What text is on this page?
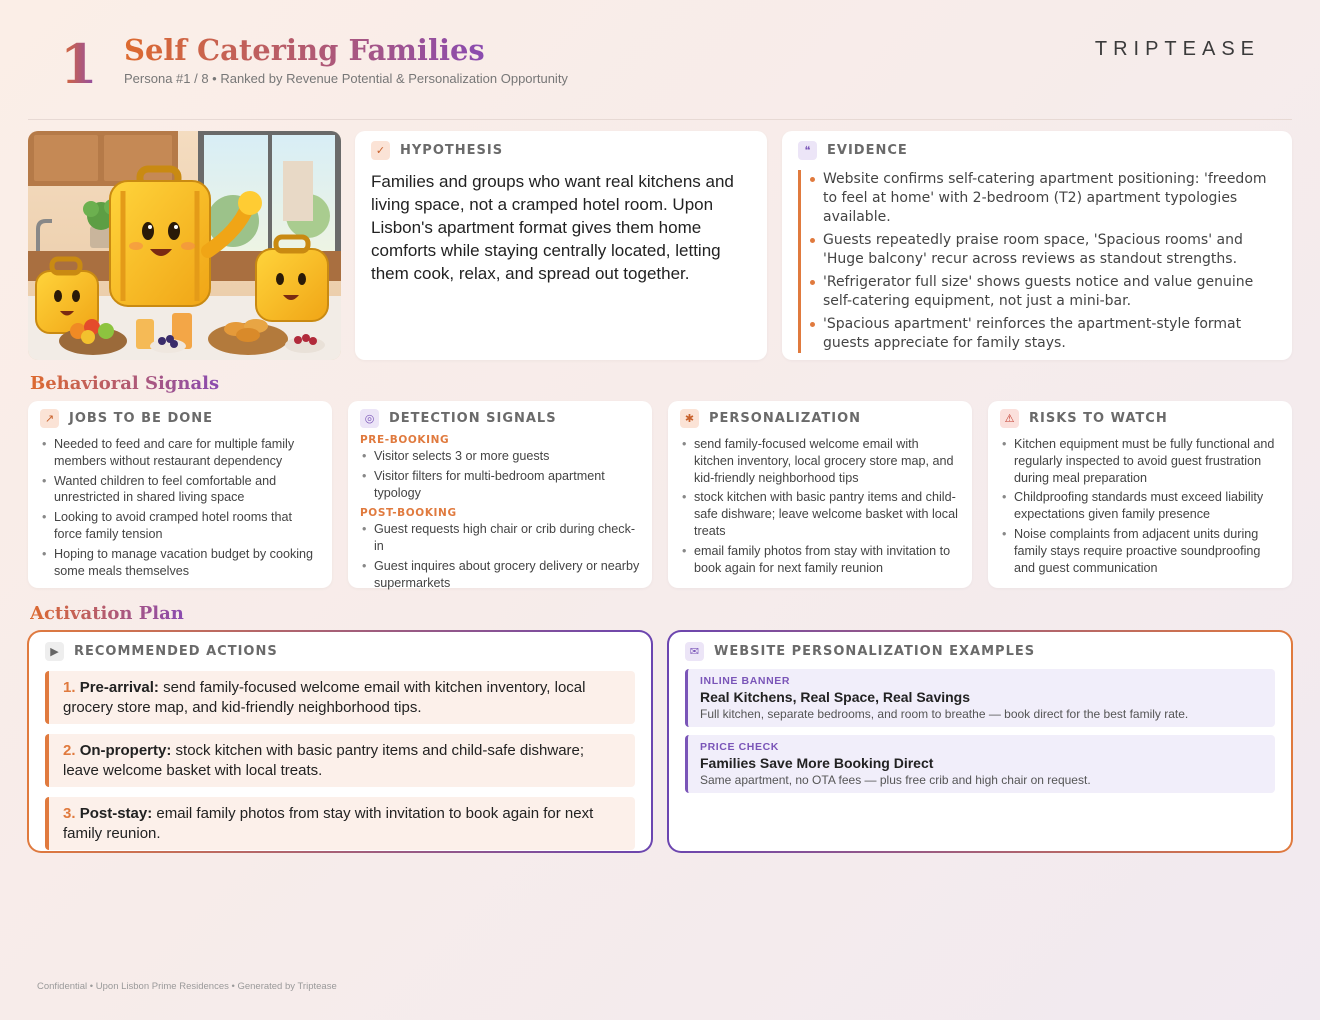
1 Self Catering Families
Persona #1 / 8 • Ranked by Revenue Potential & Personalization Opportunity
TRIPTEASE
✓	HYPOTHESIS
Families and groups who want real kitchens and living space, not a cramped hotel room. Upon Lisbon's apartment format gives them home comforts while staying centrally located, letting them cook, relax, and spread out together.
❝	EVIDENCE
Website confirms self-catering apartment positioning: 'freedom to feel at home' with 2-bedroom (T2) apartment typologies available.
Guests repeatedly praise room space, 'Spacious rooms' and 'Huge balcony' recur across reviews as standout strengths.
'Refrigerator full size' shows guests notice and value genuine self-catering equipment, not just a mini-bar.
'Spacious apartment' reinforces the apartment-style format guests appreciate for family stays.
Behavioral Signals
↗	JOBS TO BE DONE
• Needed to feed and care for multiple family members without restaurant dependency
• Wanted children to feel comfortable and unrestricted in shared living space
• Looking to avoid cramped hotel rooms that force family tension
• Hoping to manage vacation budget by cooking some meals themselves
◎	DETECTION SIGNALS
PRE-BOOKING
• Visitor selects 3 or more guests
• Visitor filters for multi-bedroom apartment typology
POST-BOOKING
• Guest requests high chair or crib during check-in
• Guest inquires about grocery delivery or nearby supermarkets
✱	PERSONALIZATION
• send family-focused welcome email with kitchen inventory, local grocery store map, and kid-friendly neighborhood tips
• stock kitchen with basic pantry items and child-safe dishware; leave welcome basket with local treats
• email family photos from stay with invitation to book again for next family reunion
⚠	RISKS TO WATCH
• Kitchen equipment must be fully functional and regularly inspected to avoid guest frustration during meal preparation
• Childproofing standards must exceed liability expectations given family presence
• Noise complaints from adjacent units during family stays require proactive soundproofing and guest communication
Activation Plan
▶	RECOMMENDED ACTIONS
1. Pre-arrival: send family-focused welcome email with kitchen inventory, local grocery store map, and kid-friendly neighborhood tips.
2. On-property: stock kitchen with basic pantry items and child-safe dishware; leave welcome basket with local treats.
3. Post-stay: email family photos from stay with invitation to book again for next family reunion.
✉	WEBSITE PERSONALIZATION EXAMPLES
INLINE BANNER
Real Kitchens, Real Space, Real Savings
Full kitchen, separate bedrooms, and room to breathe — book direct for the best family rate.
PRICE CHECK
Families Save More Booking Direct
Same apartment, no OTA fees — plus free crib and high chair on request.
Confidential • Upon Lisbon Prime Residences • Generated by Triptease
